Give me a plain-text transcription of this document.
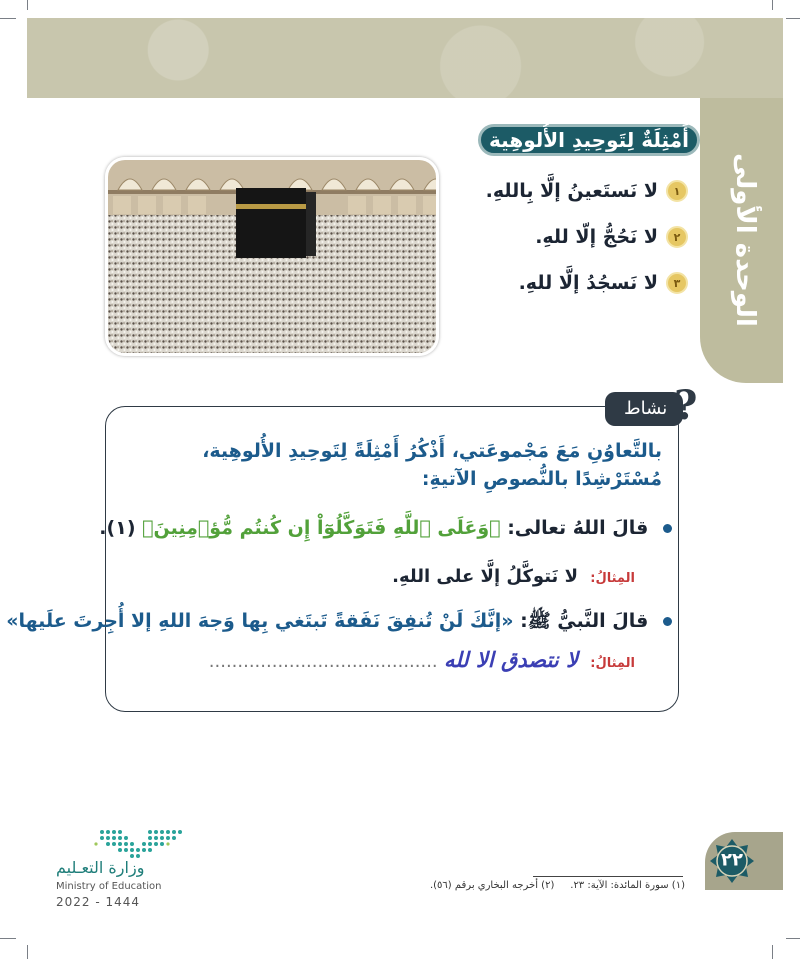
الوحدة الأولى
أَمْثِلَةٌ لِتَوحِيدِ الأُلوهِية
١
لا نَستَعينُ إلَّا بِاللهِ.
٢
لا نَحُجُّ إلّا للهِ.
٣
لا نَسجُدُ إلَّا للهِ.
نشاط ?
بالتَّعاوُنِ مَعَ مَجْموعَتي، أَذْكُرُ أَمْثِلَةً لِتَوحِيدِ الأُلوهِية، مُسْتَرْشِدًا بالنُّصوصِ الآتيةِ:
قالَ اللهُ تعالى: ﴿وَعَلَى ٱللَّهِ فَتَوَكَّلُوٓاْ إِن كُنتُم مُّؤۡمِنِينَ﴾ (١).
المِثالُ: لا نَتوكَّلُ إلَّا على اللهِ.
قالَ النَّبيُّ ﷺ: «إنَّكَ لَنْ تُنفِقَ نَفَقةً تَبتَغي بِها وَجهَ اللهِ إلا أُجِرتَ علَيها»
المِثالُ: لا نتصدق الا لله ........................................
٢٢
(١) سورة المائدة: الآية: ٢٣.     (٢) أخرجه البخاري برقم (٥٦).
وزارة التعـليم
Ministry of Education
2022 - 1444
